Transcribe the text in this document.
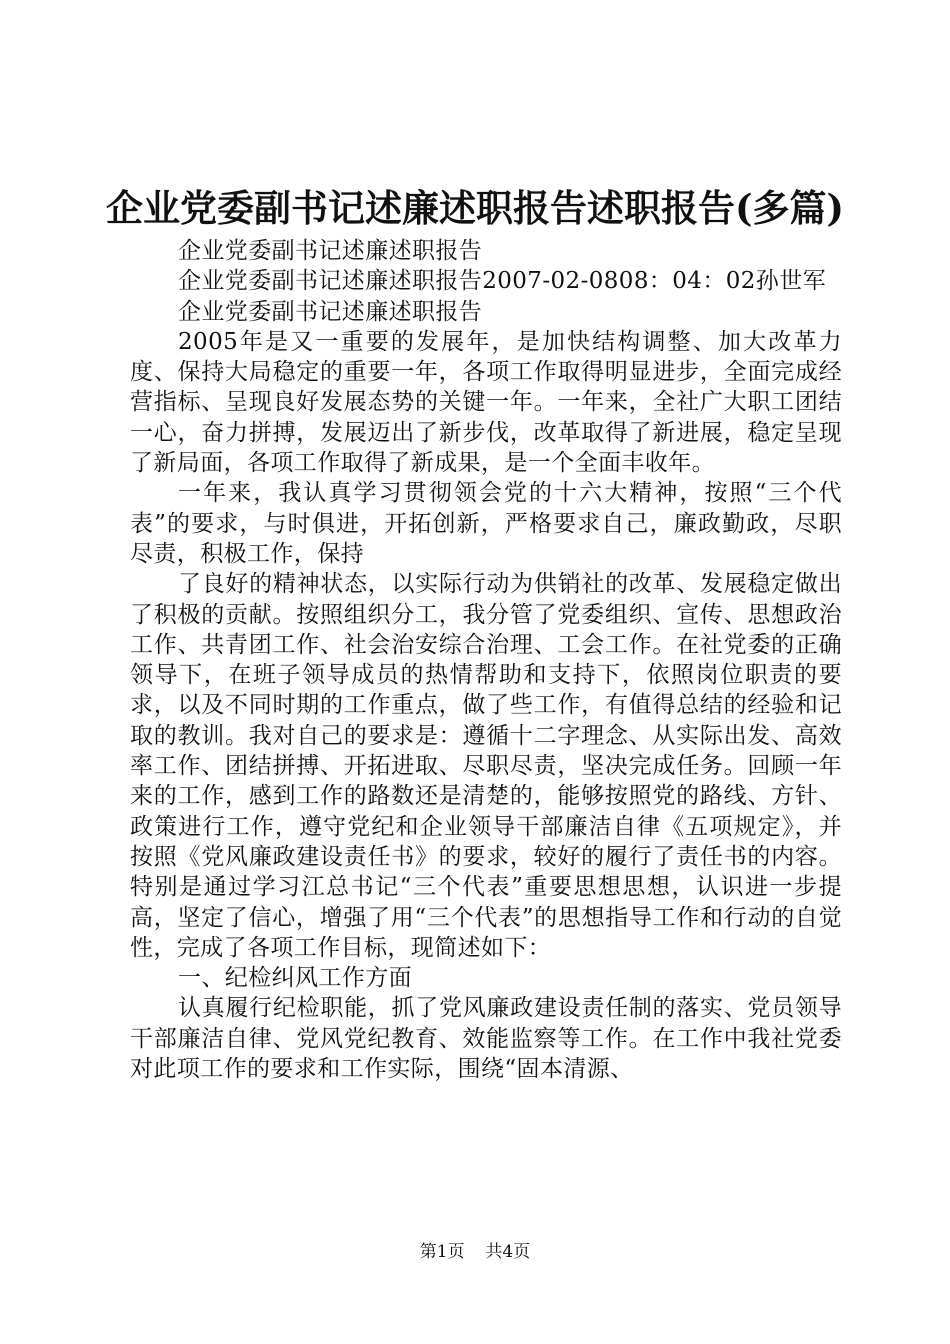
企业党委副书记述廉述职报告述职报告(多篇)

企业党委副书记述廉述职报告

企业党委副书记述廉述职报告2007-02-0808：04：02孙世军

企业党委副书记述廉述职报告

2005年是又一重要的发展年，是加快结构调整、加大改革力度、保持大局稳定的重要一年，各项工作取得明显进步，全面完成经营指标、呈现良好发展态势的关键一年。一年来，全社广大职工团结一心，奋力拼搏，发展迈出了新步伐，改革取得了新进展，稳定呈现了新局面，各项工作取得了新成果，是一个全面丰收年。

一年来，我认真学习贯彻领会党的十六大精神，按照“三个代表”的要求，与时俱进，开拓创新，严格要求自己，廉政勤政，尽职尽责，积极工作，保持

了良好的精神状态，以实际行动为供销社的改革、发展稳定做出了积极的贡献。按照组织分工，我分管了党委组织、宣传、思想政治工作、共青团工作、社会治安综合治理、工会工作。在社党委的正确领导下，在班子领导成员的热情帮助和支持下，依照岗位职责的要求，以及不同时期的工作重点，做了些工作，有值得总结的经验和记取的教训。我对自己的要求是：遵循十二字理念、从实际出发、高效率工作、团结拼搏、开拓进取、尽职尽责，坚决完成任务。回顾一年来的工作，感到工作的路数还是清楚的，能够按照党的路线、方针、政策进行工作，遵守党纪和企业领导干部廉洁自律《五项规定》，并按照《党风廉政建设责任书》的要求，较好的履行了责任书的内容。特别是通过学习江总书记“三个代表”重要思想思想，认识进一步提高，坚定了信心，增强了用“三个代表”的思想指导工作和行动的自觉性，完成了各项工作目标，现简述如下：

一、纪检纠风工作方面

认真履行纪检职能，抓了党风廉政建设责任制的落实、党员领导干部廉洁自律、党风党纪教育、效能监察等工作。在工作中我社党委对此项工作的要求和工作实际，围绕“固本清源、

第1页 共4页
